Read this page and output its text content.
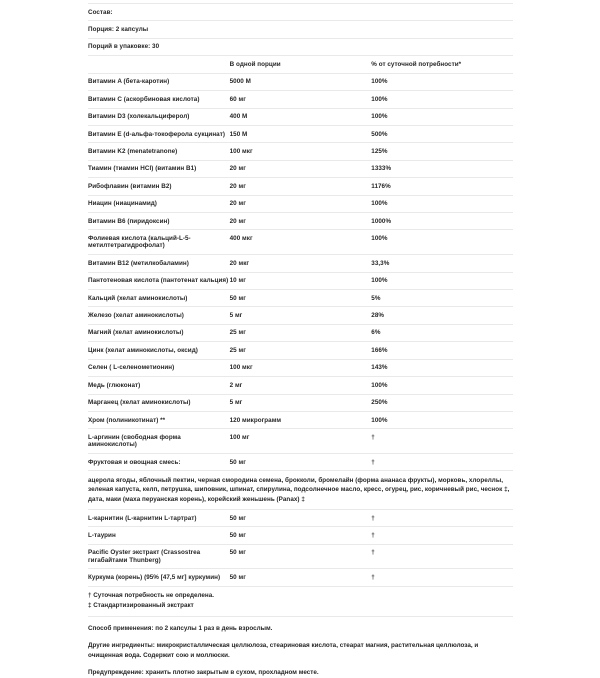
Состав:		
Порция: 2 капсулы		
Порций в упаковке: 30		
	В одной порции	% от суточной потребности*
Витамин A (бета-каротин)	5000 М	100%
Витамин C (аскорбиновая кислота)	60 мг	100%
Витамин D3 (холекальциферол)	400 М	100%
Витамин Е (d-альфа-токоферола сукцинат)	150 М	500%
Витамин K2 (menatetranone)	100 мкг	125%
Тиамин (тиамин HCI) (витамин B1)	20 мг	1333%
Рибофлавин (витамин B2)	20 мг	1176%
Ниацин (ниацинамид)	20 мг	100%
Витамин B6 (пиридоксин)	20 мг	1000%
Фолиевая кислота (кальций-L-5-метилтетрагидрофолат)	400 мкг	100%
Витамин B12 (метилкобаламин)	20 мкг	33,3%
Пантотеновая кислота (пантотенат кальция)	10 мг	100%
Кальций (хелат аминокислоты)	50 мг	5%
Железо (хелат аминокислоты)	5 мг	28%
Магний (хелат аминокислоты)	25 мг	6%
Цинк (хелат аминокислоты, оксид)	25 мг	166%
Селен ( L-селенометионин)	100 мкг	143%
Медь (глюконат)	2 мг	100%
Марганец (хелат аминокислоты)	5 мг	250%
Хром (полиникотинат) **	120 микрограмм	100%
L-аргинин (свободная форма аминокислоты)	100 мг	†
Фруктовая и овощная смесь:	50 мг	†
ацерола ягоды, яблочный пектин, черная смородина семена, брокколи, бромелайн (форма ананаса фрукты), морковь, хлореллы, зеленая капуста, келп, петрушка, шиповник, шпинат, спирулина, подсолнечное масло, кресс, огурец, рис, коричневый рис, чеснок ‡, дата, маки (маха перуанская корень), корейский женьшень (Panax) ‡		
L-карнитин (L-карнитин L-тартрат)	50 мг	†
L-таурин	50 мг	†
Pacific Oyster экстракт (Crassostrea гигабайтами Thunberg)	50 мг	†
Куркума (корень) (95% [47,5 мг] куркумин)	50 мг	†
† Суточная потребность не определена.
‡ Стандартизированный экстракт

Способ применения: по 2 капсулы 1 раз в день взрослым.

Другие ингредиенты: микрокристаллическая целлюлоза, стеариновая кислота, стеарат магния, растительная целлюлоза, и очищенная вода. Содержит сою и моллюски.

Предупреждение: хранить плотно закрытым в сухом, прохладном месте.
